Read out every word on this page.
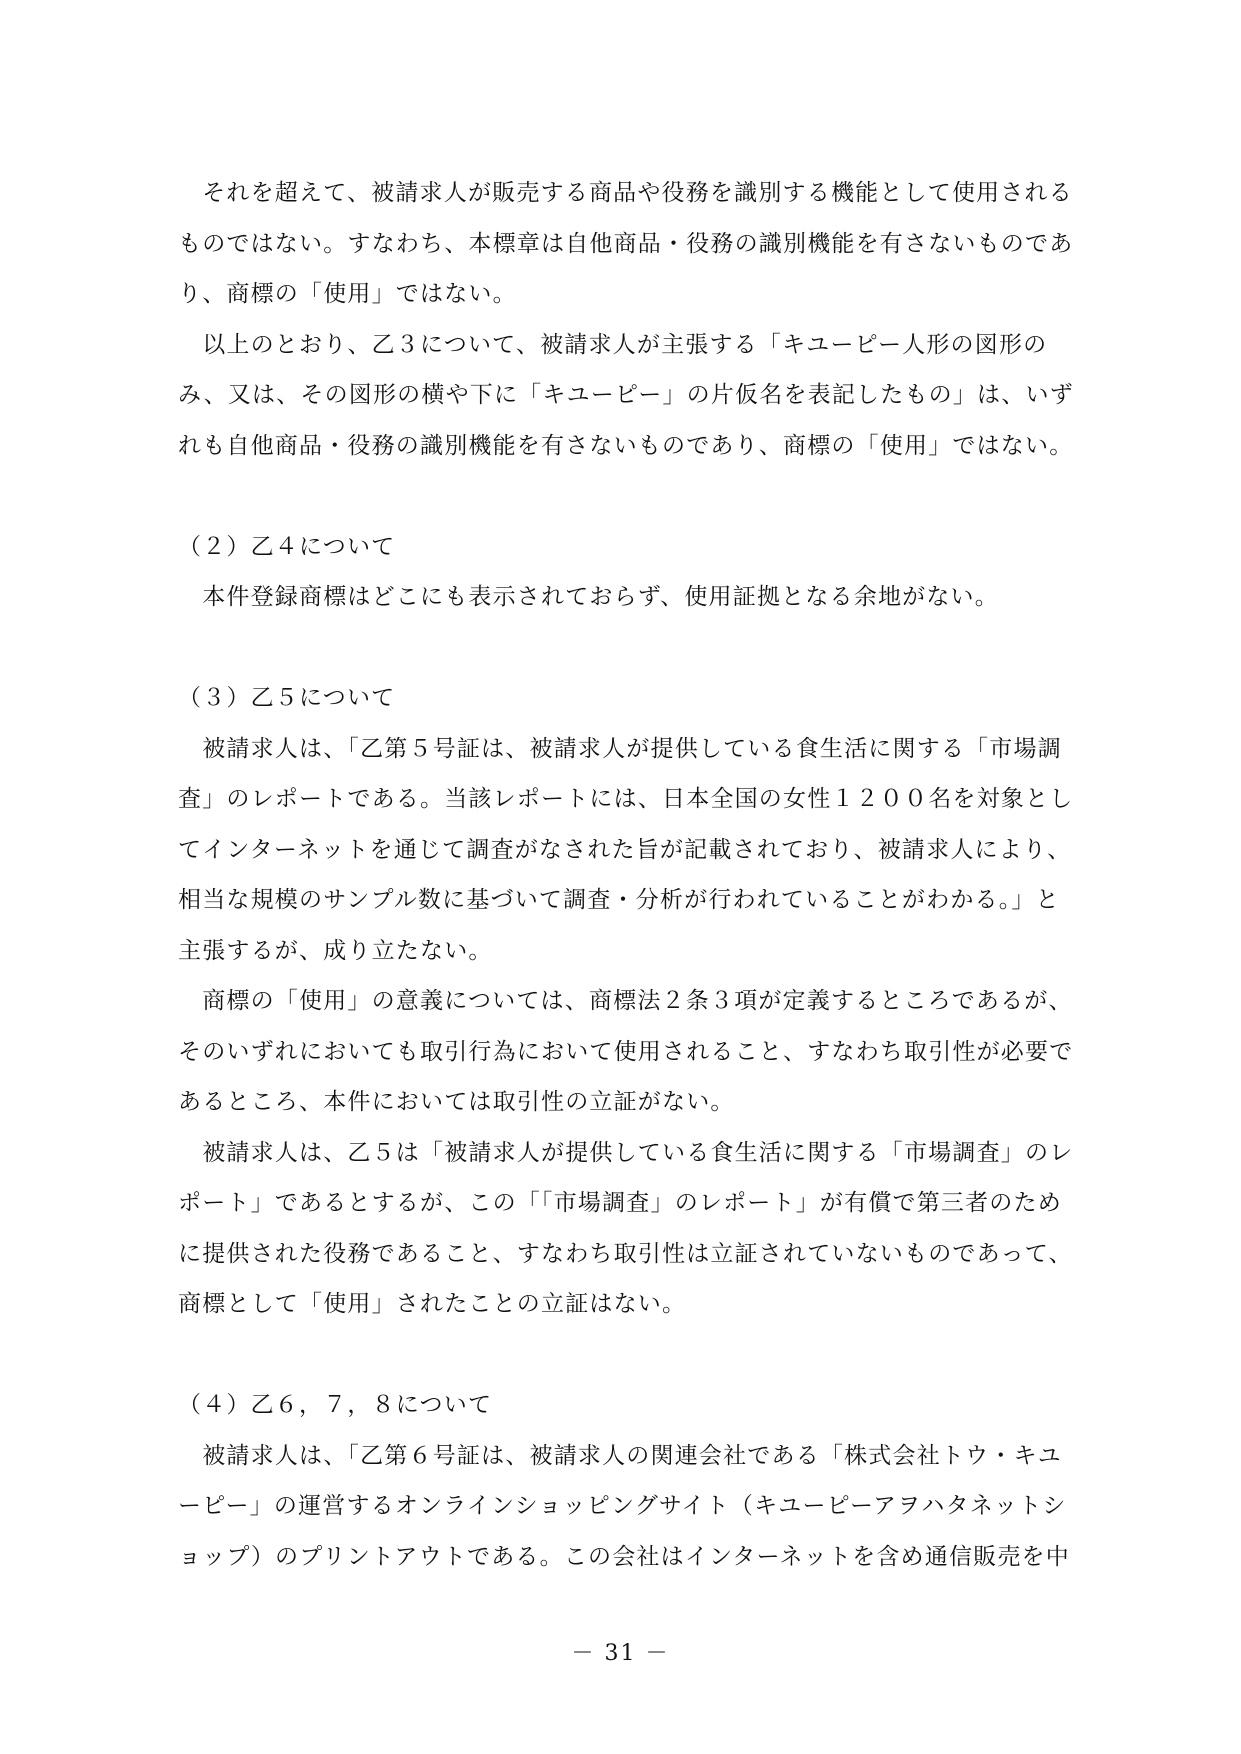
　それを超えて、被請求人が販売する商品や役務を識別する機能として使用される
ものではない。すなわち、本標章は自他商品・役務の識別機能を有さないものであ
り、商標の「使用」ではない。
　以上のとおり、乙３について、被請求人が主張する「キユーピー人形の図形の
み、又は、その図形の横や下に「キユーピー」の片仮名を表記したもの」は、いず
れも自他商品・役務の識別機能を有さないものであり、商標の「使用」ではない。
（２）乙４について
　本件登録商標はどこにも表示されておらず、使用証拠となる余地がない。
（３）乙５について
　被請求人は、「乙第５号証は、被請求人が提供している食生活に関する「市場調
査」のレポートである。当該レポートには、日本全国の女性１２００名を対象とし
てインターネットを通じて調査がなされた旨が記載されており、被請求人により、
相当な規模のサンプル数に基づいて調査・分析が行われていることがわかる。」と
主張するが、成り立たない。
　商標の「使用」の意義については、商標法２条３項が定義するところであるが、
そのいずれにおいても取引行為において使用されること、すなわち取引性が必要で
あるところ、本件においては取引性の立証がない。
　被請求人は、乙５は「被請求人が提供している食生活に関する「市場調査」のレ
ポート」であるとするが、この「「市場調査」のレポート」が有償で第三者のため
に提供された役務であること、すなわち取引性は立証されていないものであって、
商標として「使用」されたことの立証はない。
（４）乙６，７，８について
　被請求人は、「乙第６号証は、被請求人の関連会社である「株式会社トウ・キユ
ーピー」の運営するオンラインショッピングサイト（キユーピーアヲハタネットシ
ョップ）のプリントアウトである。この会社はインターネットを含め通信販売を中
－ 31 －
